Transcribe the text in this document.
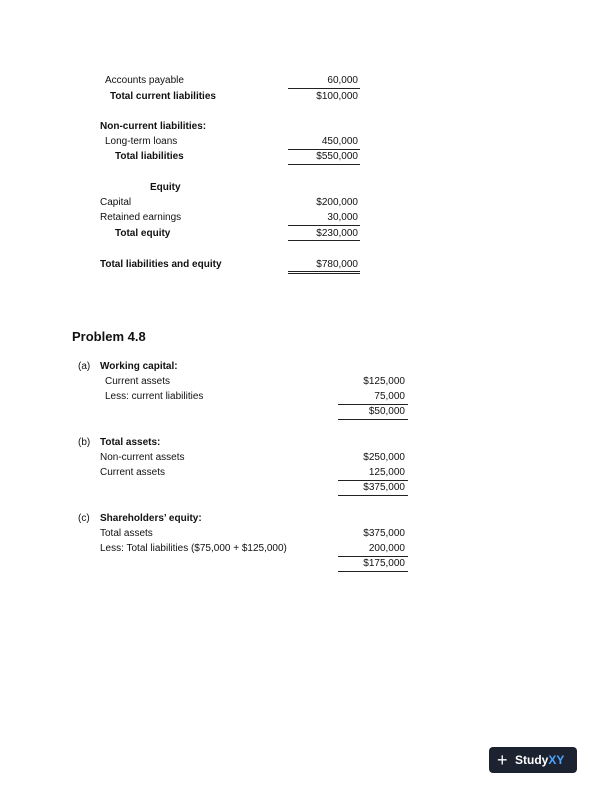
Accounts payable	60,000
Total current liabilities	$100,000
Non-current liabilities:
Long-term loans	450,000
Total liabilities	$550,000
Equity
Capital	$200,000
Retained earnings	30,000
Total equity	$230,000
Total liabilities and equity	$780,000
Problem 4.8
(a) Working capital:
Current assets	$125,000
Less: current liabilities	75,000
$50,000
(b) Total assets:
Non-current assets	$250,000
Current assets	125,000
$375,000
(c) Shareholders’ equity:
Total assets	$375,000
Less: Total liabilities ($75,000 + $125,000)	200,000
$175,000
+ StudyXY
